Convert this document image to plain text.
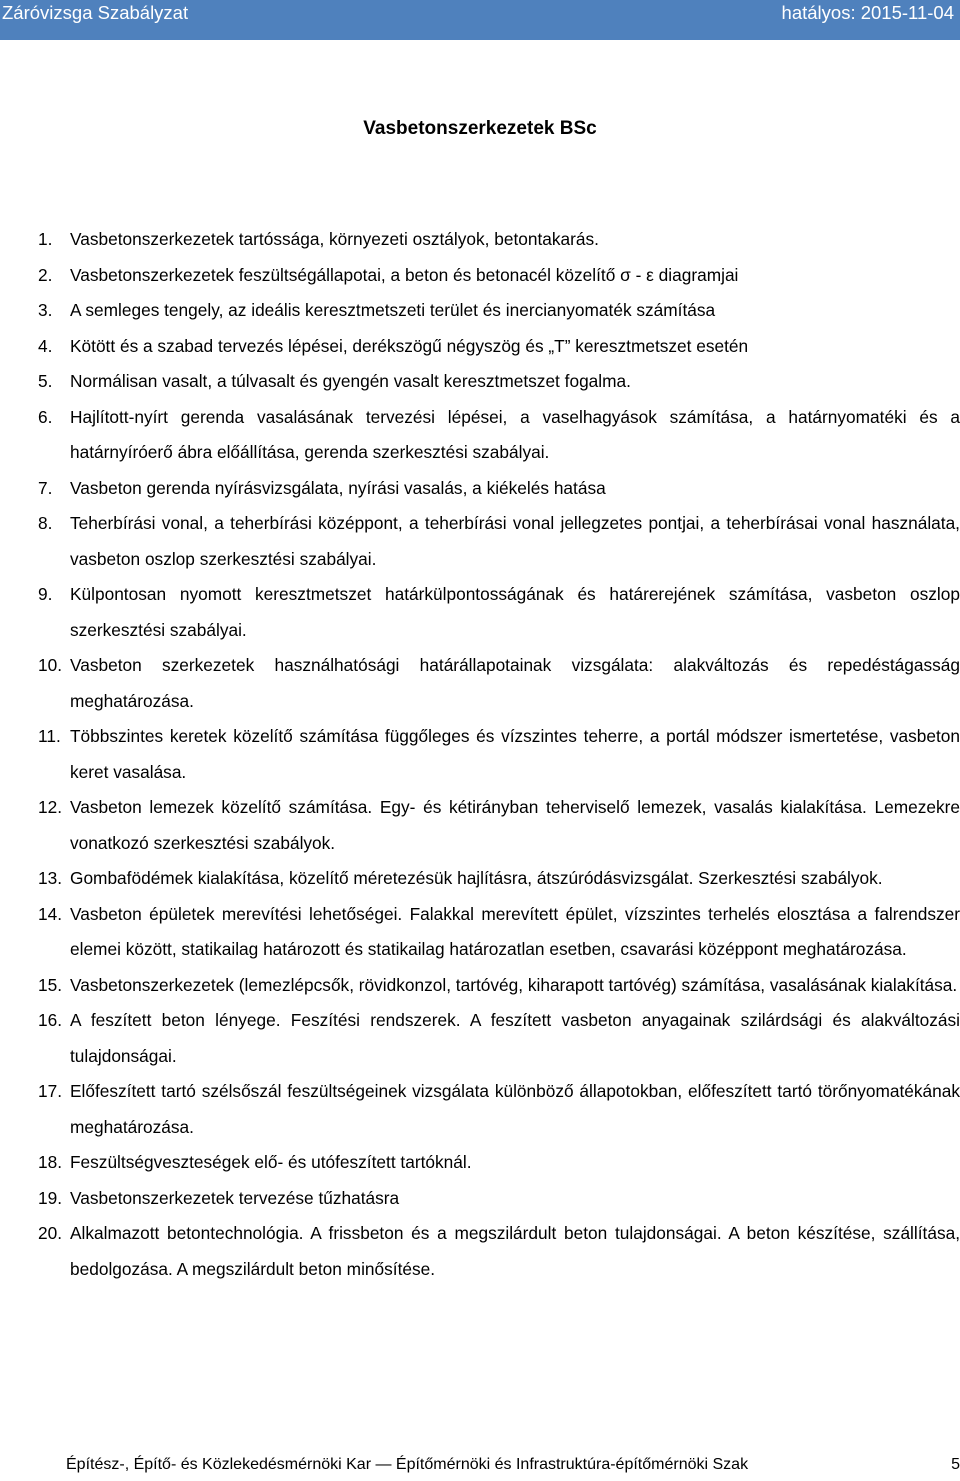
Záróvizsga Szabályzat	hatályos: 2015-11-04
Vasbetonszerkezetek BSc
1.	Vasbetonszerkezetek tartóssága, környezeti osztályok, betontakarás.
2.	Vasbetonszerkezetek feszültségállapotai, a beton és betonacél közelítő σ - ε diagramjai
3.	A semleges tengely, az ideális keresztmetszeti terület és inercianyomaték számítása
4.	Kötött és a szabad tervezés lépései, derékszögű négyszög és „T” keresztmetszet esetén
5.	Normálisan vasalt, a túlvasalt és gyengén vasalt keresztmetszet fogalma.
6.	Hajlított-nyírt gerenda vasalásának tervezési lépései, a vaselhagyások számítása, a határnyomatéki és a határnyíróerő ábra előállítása, gerenda szerkesztési szabályai.
7.	Vasbeton gerenda nyírásvizsgálata, nyírási vasalás, a kiékelés hatása
8.	Teherbírási vonal, a teherbírási középpont, a teherbírási vonal jellegzetes pontjai, a teherbírásai vonal használata, vasbeton oszlop szerkesztési szabályai.
9.	Külpontosan nyomott keresztmetszet határkülpontosságának és határerejének számítása, vasbeton oszlop szerkesztési szabályai.
10. Vasbeton szerkezetek használhatósági határállapotainak vizsgálata: alakváltozás és repedéstágasság meghatározása.
11. Többszintes keretek közelítő számítása függőleges és vízszintes teherre, a portál módszer ismertetése, vasbeton keret vasalása.
12. Vasbeton lemezek közelítő számítása. Egy- és kétirányban teherviselő lemezek, vasalás kialakítása. Lemezekre vonatkozó szerkesztési szabályok.
13. Gombafödémek kialakítása, közelítő méretezésük hajlításra, átszúródásvizsgálat. Szerkesztési szabályok.
14. Vasbeton épületek merevítési lehetőségei. Falakkal merevített épület, vízszintes terhelés elosztása a falrendszer elemei között, statikailag határozott és statikailag határozatlan esetben, csavarási középpont meghatározása.
15. Vasbetonszerkezetek (lemezlépcsők, rövidkonzol, tartóvég, kiharapott tartóvég) számítása, vasalásának kialakítása.
16. A feszített beton lényege. Feszítési rendszerek. A feszített vasbeton anyagainak szilárdsági és alakváltozási tulajdonságai.
17. Előfeszített tartó szélsőszál feszültségeinek vizsgálata különböző állapotokban, előfeszített tartó törőnyomatékának meghatározása.
18. Feszültségveszteségek elő- és utófeszített tartóknál.
19. Vasbetonszerkezetek tervezése tűzhatásra
20. Alkalmazott betontechnológia. A frissbeton és a megszilárdult beton tulajdonságai. A beton készítése, szállítása, bedolgozása. A megszilárdult beton minősítése.
Építész-, Építő- és Közlekedésmérnöki Kar — Építőmérnöki és Infrastruktúra-építőmérnöki Szak	5
